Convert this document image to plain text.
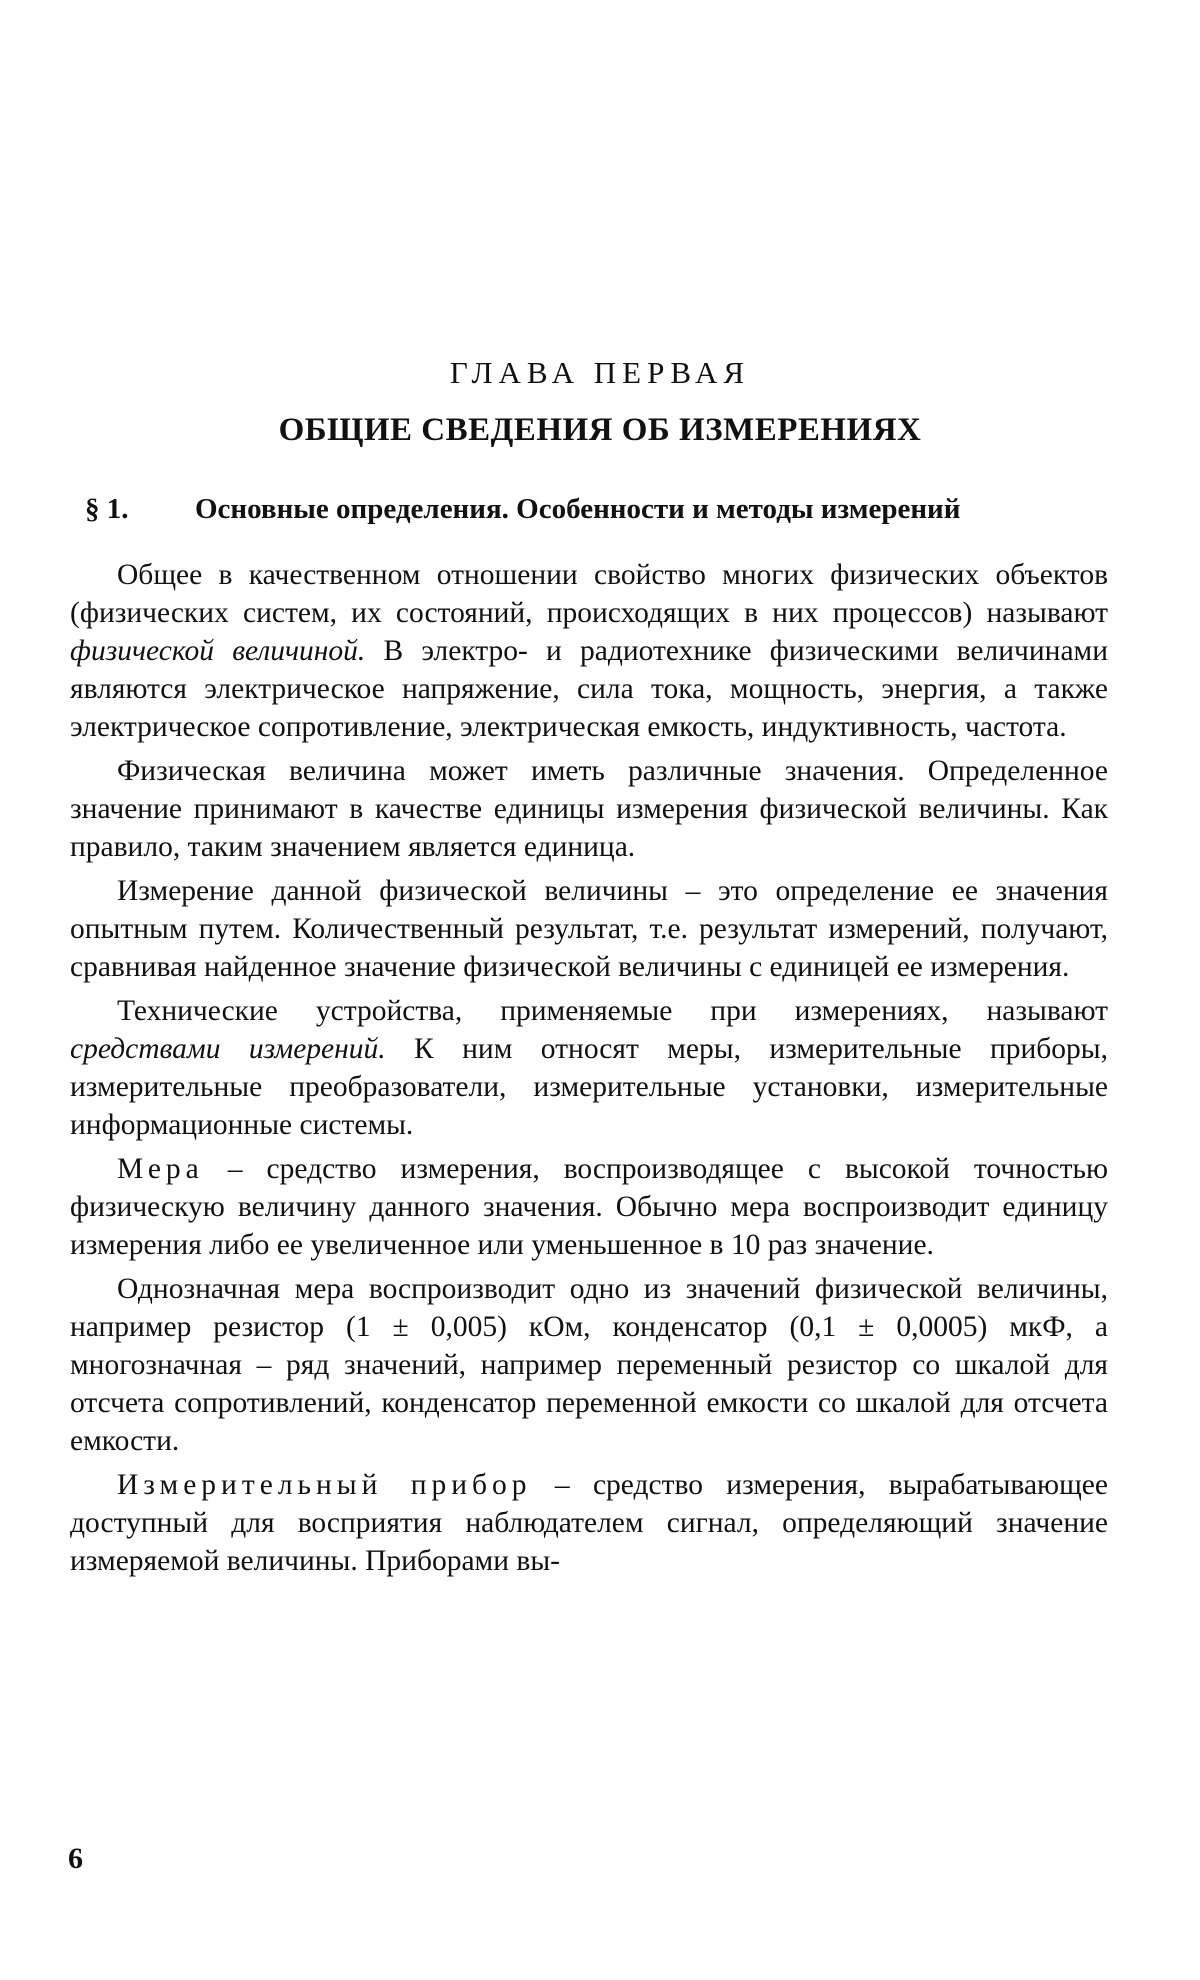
ГЛАВА ПЕРВАЯ
ОБЩИЕ СВЕДЕНИЯ ОБ ИЗМЕРЕНИЯХ
§ 1. Основные определения. Особенности и методы измерений

Общее в качественном отношении свойство многих физических объектов (физических систем, их состояний, происходящих в них процессов) называют физической величиной. В электро- и радиотехнике физическими величинами являются электрическое напряжение, сила тока, мощность, энергия, а также электрическое сопротивление, электрическая емкость, индуктивность, частота.

Физическая величина может иметь различные значения. Определенное значение принимают в качестве единицы измерения физической величины. Как правило, таким значением является единица.

Измерение данной физической величины – это определение ее значения опытным путем. Количественный результат, т.е. результат измерений, получают, сравнивая найденное значение физической величины с единицей ее измерения.

Технические устройства, применяемые при измерениях, называют средствами измерений. К ним относят меры, измерительные приборы, измерительные преобразователи, измерительные установки, измерительные информационные системы.

Мера – средство измерения, воспроизводящее с высокой точностью физическую величину данного значения. Обычно мера воспроизводит единицу измерения либо ее увеличенное или уменьшенное в 10 раз значение.

Однозначная мера воспроизводит одно из значений физической величины, например резистор (1 ± 0,005) кОм, конденсатор (0,1 ± 0,0005) мкФ, а многозначная – ряд значений, например переменный резистор со шкалой для отсчета сопротивлений, конденсатор переменной емкости со шкалой для отсчета емкости.

Измерительный прибор – средство измерения, вырабатывающее доступный для восприятия наблюдателем сигнал, определяющий значение измеряемой величины. Приборами вы-

6
